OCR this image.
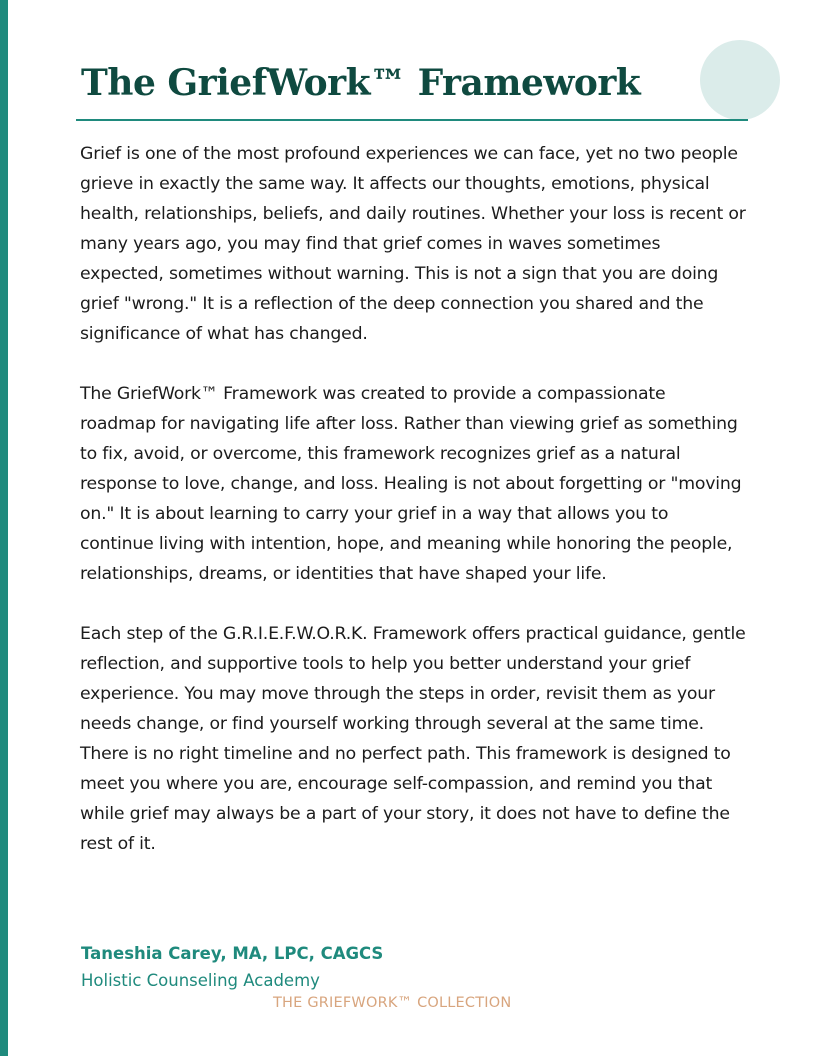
The GriefWork™ Framework

Grief is one of the most profound experiences we can face, yet no two people grieve in exactly the same way. It affects our thoughts, emotions, physical health, relationships, beliefs, and daily routines. Whether your loss is recent or many years ago, you may find that grief comes in waves sometimes expected, sometimes without warning. This is not a sign that you are doing grief "wrong." It is a reflection of the deep connection you shared and the significance of what has changed.

The GriefWork™ Framework was created to provide a compassionate roadmap for navigating life after loss. Rather than viewing grief as something to fix, avoid, or overcome, this framework recognizes grief as a natural response to love, change, and loss. Healing is not about forgetting or "moving on." It is about learning to carry your grief in a way that allows you to continue living with intention, hope, and meaning while honoring the people, relationships, dreams, or identities that have shaped your life.

Each step of the G.R.I.E.F.W.O.R.K. Framework offers practical guidance, gentle reflection, and supportive tools to help you better understand your grief experience. You may move through the steps in order, revisit them as your needs change, or find yourself working through several at the same time. There is no right timeline and no perfect path. This framework is designed to meet you where you are, encourage self-compassion, and remind you that while grief may always be a part of your story, it does not have to define the rest of it.

Taneshia Carey, MA, LPC, CAGCS
Holistic Counseling Academy
THE GRIEFWORK™ COLLECTION
